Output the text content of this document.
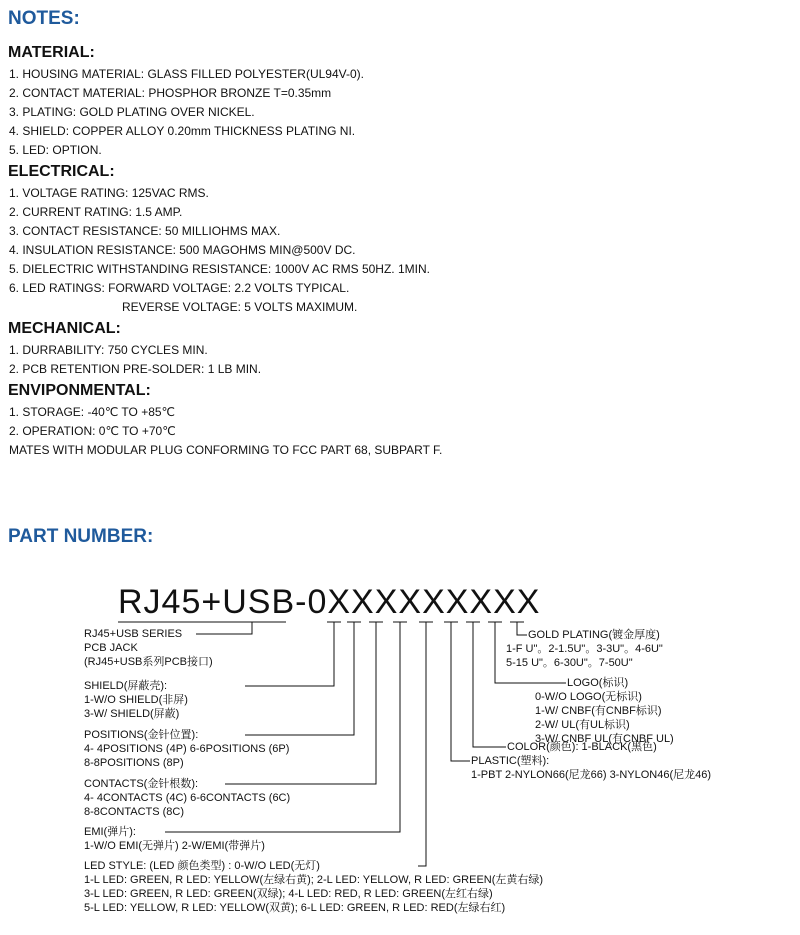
NOTES:
MATERIAL:
1. HOUSING MATERIAL: GLASS FILLED POLYESTER(UL94V-0).
2. CONTACT MATERIAL: PHOSPHOR BRONZE T=0.35mm
3. PLATING: GOLD PLATING OVER NICKEL.
4. SHIELD: COPPER ALLOY 0.20mm THICKNESS PLATING NI.
5. LED: OPTION.
ELECTRICAL:
1. VOLTAGE RATING: 125VAC RMS.
2. CURRENT RATING: 1.5 AMP.
3. CONTACT RESISTANCE: 50 MILLIOHMS MAX.
4. INSULATION RESISTANCE: 500 MAGOHMS MIN@500V DC.
5. DIELECTRIC WITHSTANDING RESISTANCE: 1000V AC RMS 50HZ. 1MIN.
6. LED RATINGS: FORWARD VOLTAGE: 2.2 VOLTS TYPICAL.
REVERSE VOLTAGE: 5 VOLTS MAXIMUM.
MECHANICAL:
1. DURRABILITY: 750 CYCLES MIN.
2. PCB RETENTION PRE-SOLDER: 1 LB MIN.
ENVIPONMENTAL:
1. STORAGE: -40℃ TO +85℃
2. OPERATION: 0℃ TO +70℃
MATES WITH MODULAR PLUG CONFORMING TO FCC PART 68, SUBPART F.
PART NUMBER:
RJ45+USB-0XXXXXXXXX
RJ45+USB SERIES
PCB JACK
(RJ45+USB系列PCB接口)
SHIELD(屏蔽壳):
1-W/O SHIELD(非屏)
3-W/ SHIELD(屏蔽)
POSITIONS(金针位置):
4- 4POSITIONS (4P) 6-6POSITIONS (6P)
8-8POSITIONS (8P)
CONTACTS(金针根数):
4- 4CONTACTS (4C) 6-6CONTACTS (6C)
8-8CONTACTS (8C)
EMI(弹片):
1-W/O EMI(无弹片) 2-W/EMI(带弹片)
LED STYLE: (LED 颜色类型) : 0-W/O LED(无灯)
1-L LED: GREEN, R LED: YELLOW(左绿右黄); 2-L LED: YELLOW, R LED: GREEN(左黄右绿)
3-L LED: GREEN, R LED: GREEN(双绿); 4-L LED: RED, R LED: GREEN(左红右绿)
5-L LED: YELLOW, R LED: YELLOW(双黄); 6-L LED: GREEN, R LED: RED(左绿右红)
GOLD PLATING(镀金厚度)
1-F U"。2-1.5U"。3-3U"。4-6U"
5-15 U"。6-30U"。7-50U"
LOGO(标识)
0-W/O LOGO(无标识)
1-W/ CNBF(有CNBF标识)
2-W/ UL(有UL标识)
3-W/ CNBF UL(有CNBF UL)
COLOR(颜色): 1-BLACK(黑色)
PLASTIC(塑料):
1-PBT 2-NYLON66(尼龙66) 3-NYLON46(尼龙46)
